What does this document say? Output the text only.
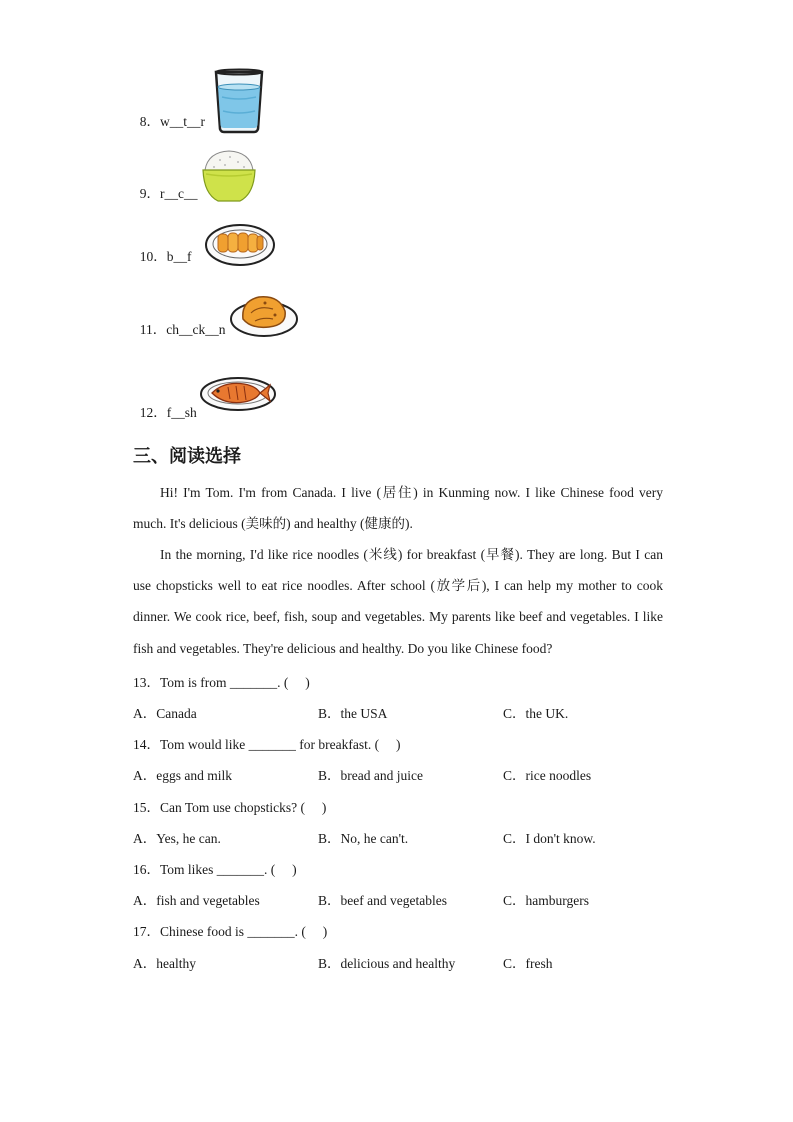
8．w__t__r

9．r__c__

10．b__f

11．ch__ck__n

12．f__sh

三、阅读选择

Hi! I'm Tom. I'm from Canada. I live (居住) in Kunming now. I like Chinese food very much. It's delicious (美味的) and healthy (健康的).

In the morning, I'd like rice noodles (米线) for breakfast (早餐). They are long. But I can use chopsticks well to eat rice noodles. After school (放学后), I can help my mother to cook dinner. We cook rice, beef, fish, soup and vegetables. My parents like beef and vegetables. I like fish and vegetables. They're delicious and healthy. Do you like Chinese food?

13．Tom is from _______. (     )
A．Canada	B．the USA	C．the UK.
14．Tom would like _______ for breakfast. (     )
A．eggs and milk	B．bread and juice	C．rice noodles
15．Can Tom use chopsticks? (     )
A．Yes, he can.	B．No, he can't.	C．I don't know.
16．Tom likes _______. (     )
A．fish and vegetables	B．beef and vegetables	C．hamburgers
17．Chinese food is _______. (     )
A．healthy	B．delicious and healthy	C．fresh
